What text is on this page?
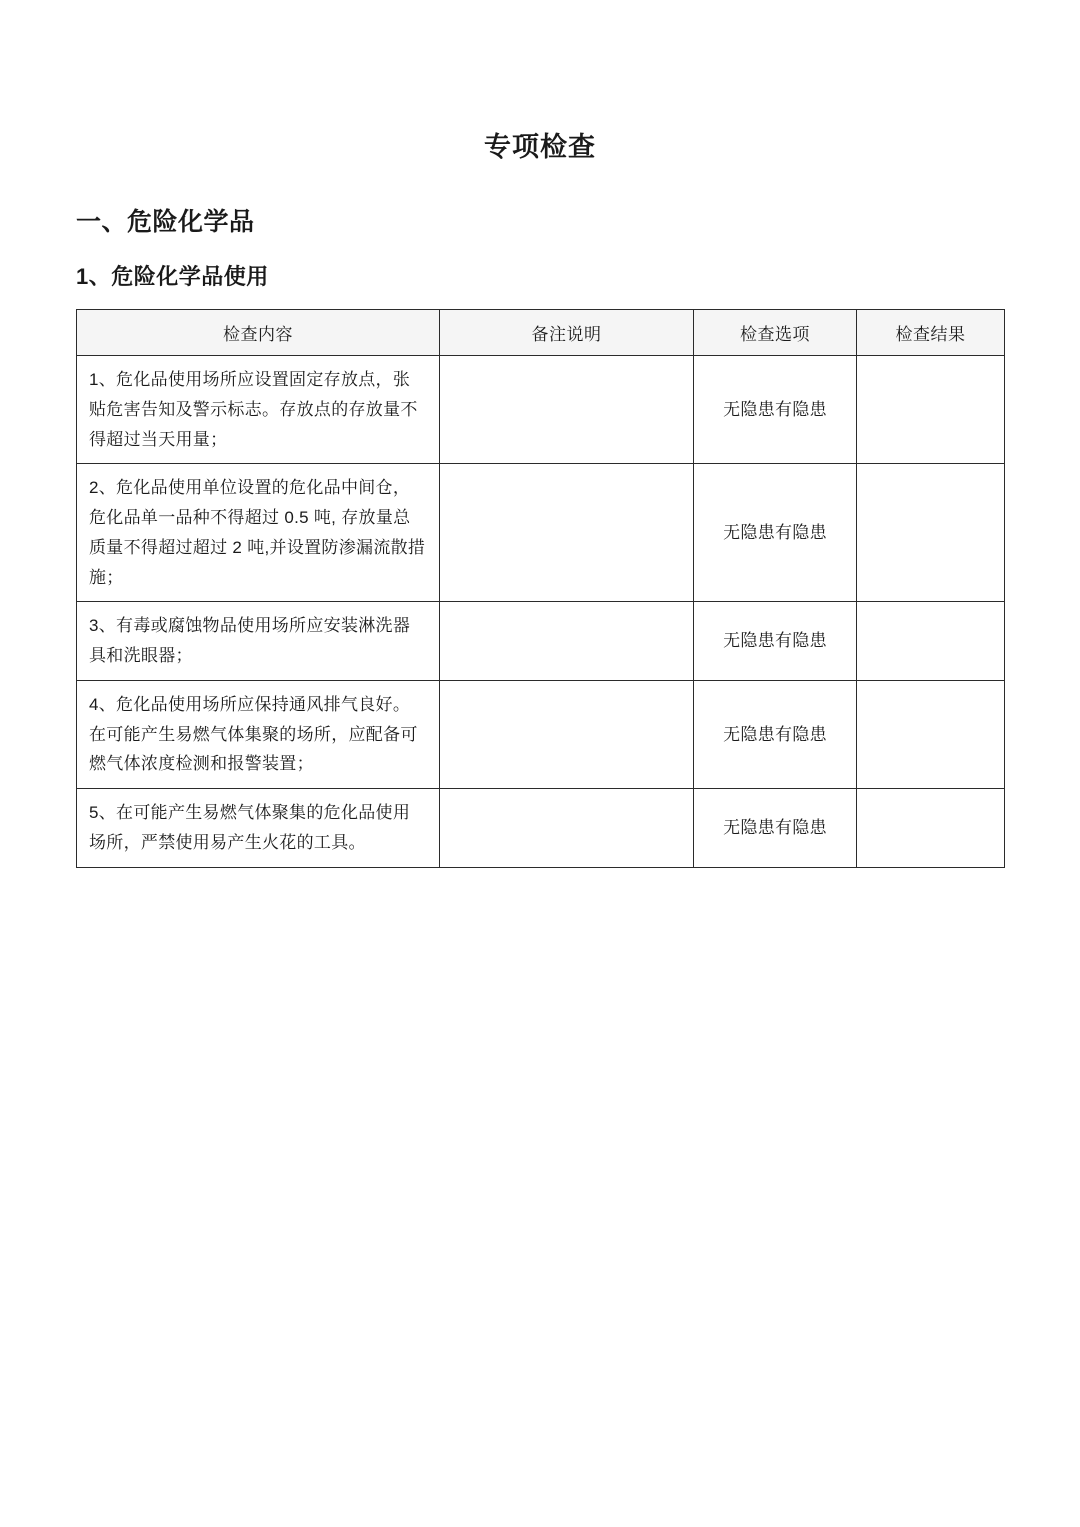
专项检查
一、危险化学品
1、危险化学品使用
检查内容	备注说明	检查选项	检查结果
1、危化品使用场所应设置固定存放点，张贴危害告知及警示标志。存放点的存放量不得超过当天用量；		无隐患有隐患	
2、危化品使用单位设置的危化品中间仓，危化品单一品种不得超过 0.5 吨, 存放量总质量不得超过超过 2 吨,并设置防渗漏流散措施；		无隐患有隐患	
3、有毒或腐蚀物品使用场所应安装淋洗器具和洗眼器；		无隐患有隐患	
4、危化品使用场所应保持通风排气良好。在可能产生易燃气体集聚的场所，应配备可燃气体浓度检测和报警装置；		无隐患有隐患	
5、在可能产生易燃气体聚集的危化品使用场所，严禁使用易产生火花的工具。		无隐患有隐患	
